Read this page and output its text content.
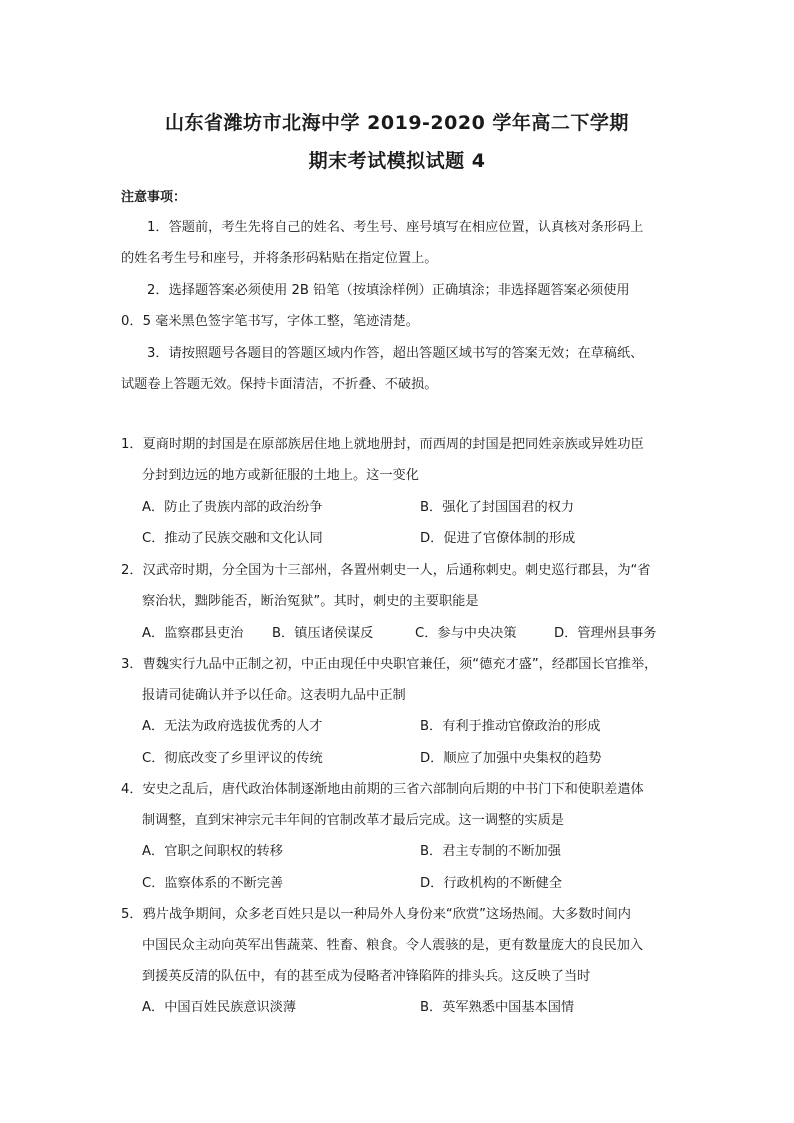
山东省潍坊市北海中学 2019-2020 学年高二下学期
期末考试模拟试题 4
注意事项：
1．答题前，考生先将自己的姓名、考生号、座号填写在相应位置，认真核对条形码上
的姓名考生号和座号，并将条形码粘贴在指定位置上。
2．选择题答案必须使用 2B 铅笔（按填涂样例）正确填涂；非选择题答案必须使用
0．5 毫米黑色签字笔书写，字体工整，笔迹清楚。
3．请按照题号各题目的答题区域内作答，超出答题区域书写的答案无效；在草稿纸、
试题卷上答题无效。保持卡面清洁，不折叠、不破损。
1．夏商时期的封国是在原部族居住地上就地册封，而西周的封国是把同姓亲族或异姓功臣
分封到边远的地方或新征服的土地上。这一变化
A．防止了贵族内部的政治纷争	B．强化了封国国君的权力
C．推动了民族交融和文化认同	D．促进了官僚体制的形成
2．汉武帝时期，分全国为十三部州，各置州刺史一人，后通称刺史。刺史巡行郡县，为“省
察治状，黜陟能否，断治冤狱”。其时，刺史的主要职能是
A．监察郡县吏治 B．镇压诸侯谋反	C．参与中央决策	D．管理州县事务
3．曹魏实行九品中正制之初，中正由现任中央职官兼任，须“德充才盛”，经郡国长官推举，
报请司徒确认并予以任命。这表明九品中正制
A．无法为政府选拔优秀的人才	B．有利于推动官僚政治的形成
C．彻底改变了乡里评议的传统	D．顺应了加强中央集权的趋势
4．安史之乱后，唐代政治体制逐渐地由前期的三省六部制向后期的中书门下和使职差遣体
制调整，直到宋神宗元丰年间的官制改革才最后完成。这一调整的实质是
A．官职之间职权的转移	B．君主专制的不断加强
C．监察体系的不断完善	D．行政机构的不断健全
5．鸦片战争期间，众多老百姓只是以一种局外人身份来“欣赏”这场热闹。大多数时间内
中国民众主动向英军出售蔬菜、牲畜、粮食。令人震骇的是，更有数量庞大的良民加入
到援英反清的队伍中，有的甚至成为侵略者冲锋陷阵的排头兵。这反映了当时
A．中国百姓民族意识淡薄	B．英军熟悉中国基本国情
